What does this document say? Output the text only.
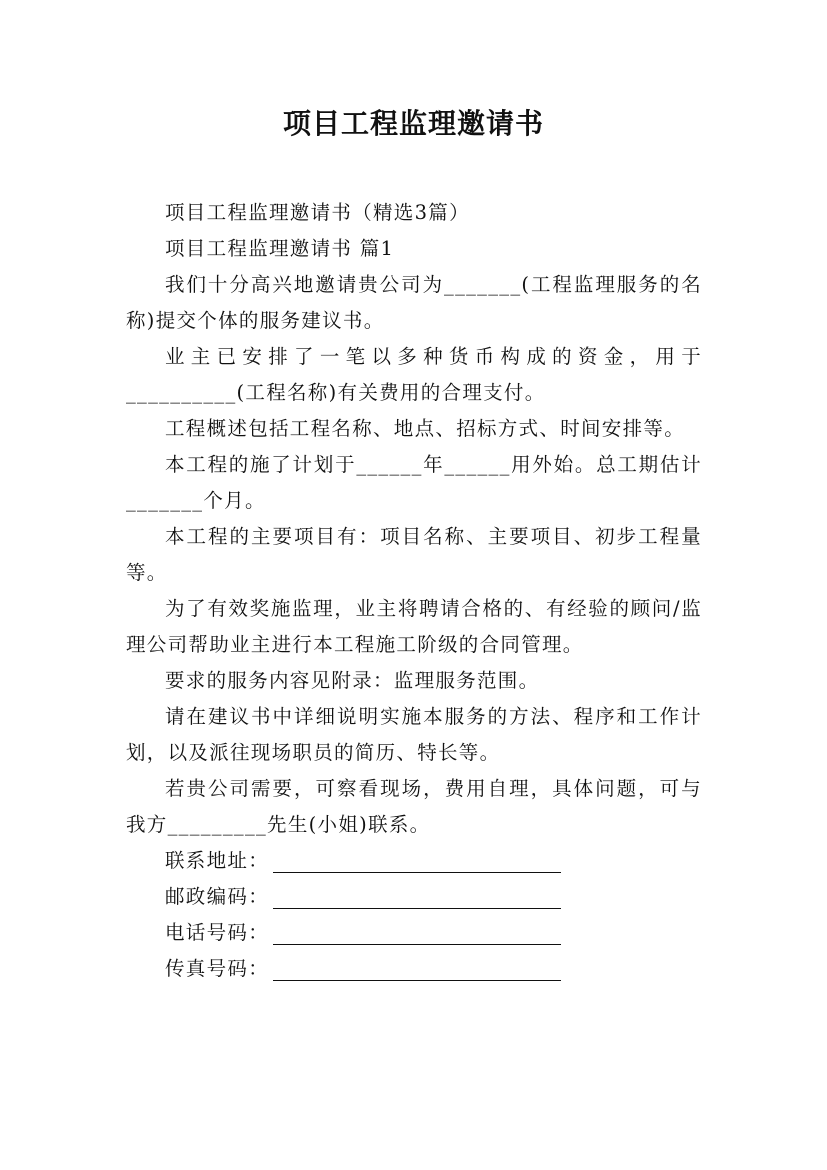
项目工程监理邀请书

项目工程监理邀请书（精选3篇）

项目工程监理邀请书 篇1

我们十分高兴地邀请贵公司为_______(工程监理服务的名称)提交个体的服务建议书。

业主已安排了一笔以多种货币构成的资金，用于__________(工程名称)有关费用的合理支付。

工程概述包括工程名称、地点、招标方式、时间安排等。

本工程的施了计划于______年______用外始。总工期估计_______个月。

本工程的主要项目有：项目名称、主要项目、初步工程量等。

为了有效奖施监理，业主将聘请合格的、有经验的顾问/监理公司帮助业主进行本工程施工阶级的合同管理。

要求的服务内容见附录：监理服务范围。

请在建议书中详细说明实施本服务的方法、程序和工作计划，以及派往现场职员的简历、特长等。

若贵公司需要，可察看现场，费用自理，具体问题，可与我方_________先生(小姐)联系。

联系地址：

邮政编码：

电话号码：

传真号码：
